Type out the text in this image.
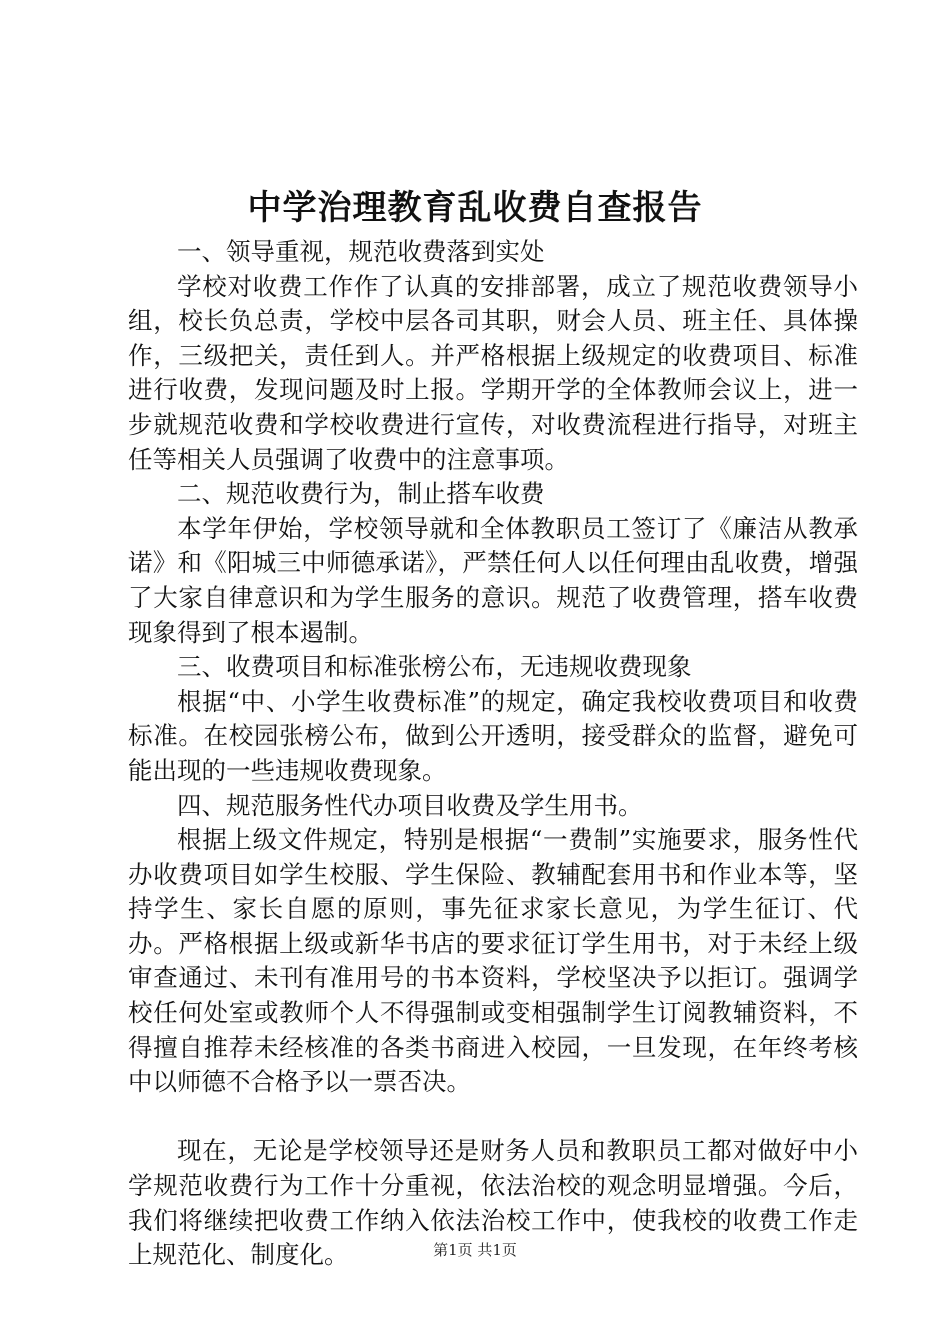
中学治理教育乱收费自查报告

一、领导重视，规范收费落到实处

学校对收费工作作了认真的安排部署，成立了规范收费领导小组，校长负总责，学校中层各司其职，财会人员、班主任、具体操作，三级把关，责任到人。并严格根据上级规定的收费项目、标准进行收费，发现问题及时上报。学期开学的全体教师会议上，进一步就规范收费和学校收费进行宣传，对收费流程进行指导，对班主任等相关人员强调了收费中的注意事项。

二、规范收费行为，制止搭车收费

本学年伊始，学校领导就和全体教职员工签订了《廉洁从教承诺》和《阳城三中师德承诺》，严禁任何人以任何理由乱收费，增强了大家自律意识和为学生服务的意识。规范了收费管理，搭车收费现象得到了根本遏制。

三、收费项目和标准张榜公布，无违规收费现象

根据“中、小学生收费标准”的规定，确定我校收费项目和收费标准。在校园张榜公布，做到公开透明，接受群众的监督，避免可能出现的一些违规收费现象。

四、规范服务性代办项目收费及学生用书。

根据上级文件规定，特别是根据“一费制”实施要求，服务性代办收费项目如学生校服、学生保险、教辅配套用书和作业本等，坚持学生、家长自愿的原则，事先征求家长意见，为学生征订、代办。严格根据上级或新华书店的要求征订学生用书，对于未经上级审查通过、未刊有准用号的书本资料，学校坚决予以拒订。强调学校任何处室或教师个人不得强制或变相强制学生订阅教辅资料，不得擅自推荐未经核准的各类书商进入校园，一旦发现，在年终考核中以师德不合格予以一票否决。

现在，无论是学校领导还是财务人员和教职员工都对做好中小学规范收费行为工作十分重视，依法治校的观念明显增强。今后，我们将继续把收费工作纳入依法治校工作中，使我校的收费工作走上规范化、制度化。	第1页 共1页
